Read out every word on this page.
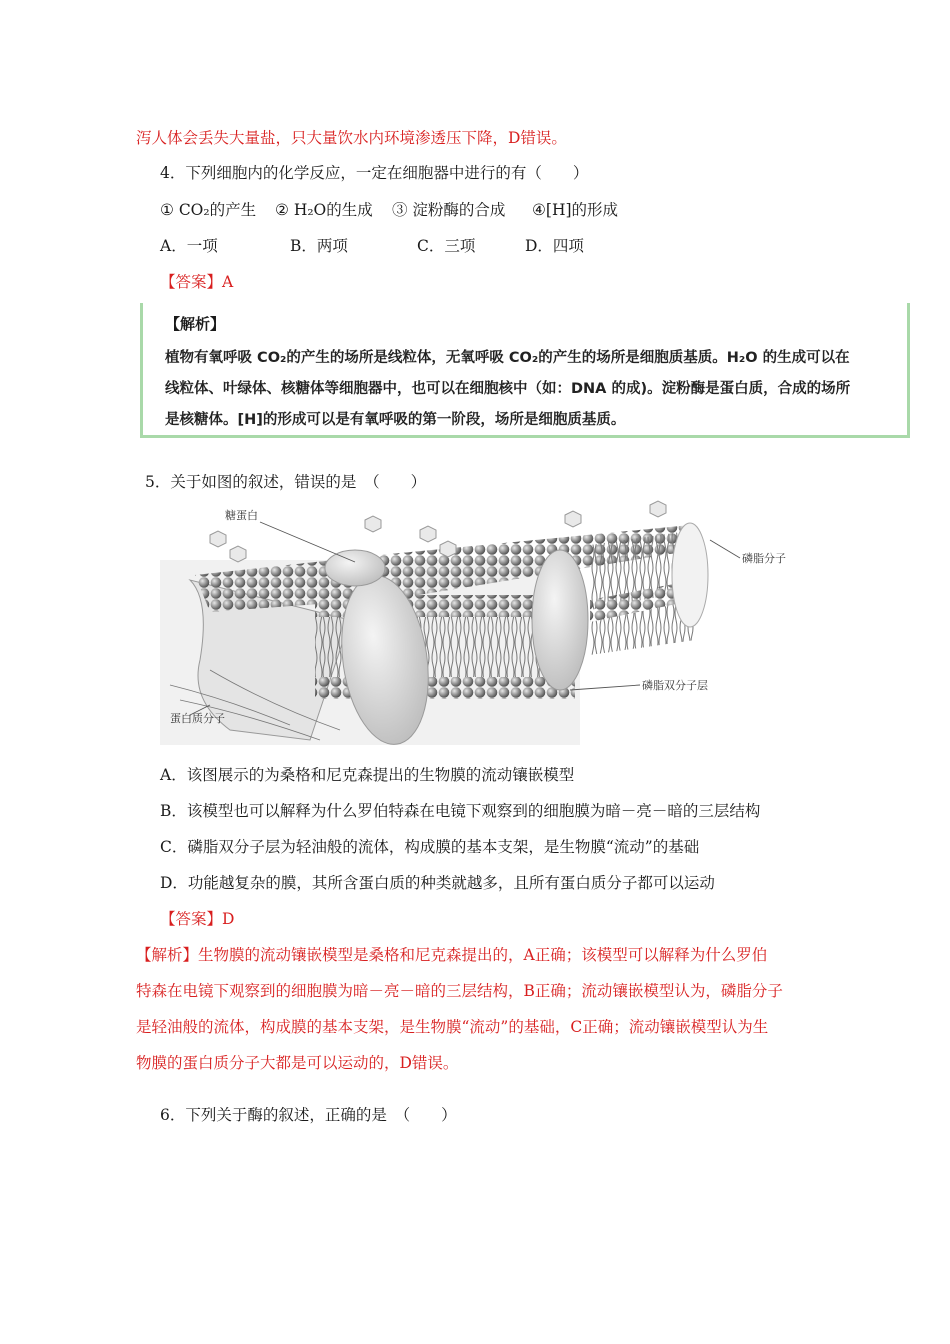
泻人体会丢失大量盐，只大量饮水内环境渗透压下降，D错误。
4．下列细胞内的化学反应，一定在细胞器中进行的有（　　）
① CO₂的产生 ② H₂O的生成 ③ 淀粉酶的合成 ④[H]的形成
A．一项	B．两项	C．三项	D．四项
【答案】A
【解析】
植物有氧呼吸 CO₂的产生的场所是线粒体，无氧呼吸 CO₂的产生的场所是细胞质基质。H₂O 的生成可以在
线粒体、叶绿体、核糖体等细胞器中，也可以在细胞核中（如：DNA 的成)。淀粉酶是蛋白质，合成的场所
是核糖体。[H]的形成可以是有氧呼吸的第一阶段，场所是细胞质基质。
5．关于如图的叙述，错误的是　（　　）
糖蛋白
磷脂分子
磷脂双分子层
蛋白质分子
A．该图展示的为桑格和尼克森提出的生物膜的流动镶嵌模型
B．该模型也可以解释为什么罗伯特森在电镜下观察到的细胞膜为暗－亮－暗的三层结构
C．磷脂双分子层为轻油般的流体，构成膜的基本支架，是生物膜“流动”的基础
D．功能越复杂的膜，其所含蛋白质的种类就越多，且所有蛋白质分子都可以运动
【答案】D
【解析】生物膜的流动镶嵌模型是桑格和尼克森提出的，A正确；该模型可以解释为什么罗伯
特森在电镜下观察到的细胞膜为暗－亮－暗的三层结构，B正确；流动镶嵌模型认为，磷脂分子
是轻油般的流体，构成膜的基本支架，是生物膜“流动”的基础，C正确；流动镶嵌模型认为生
物膜的蛋白质分子大都是可以运动的，D错误。
6．下列关于酶的叙述，正确的是　（　　）
